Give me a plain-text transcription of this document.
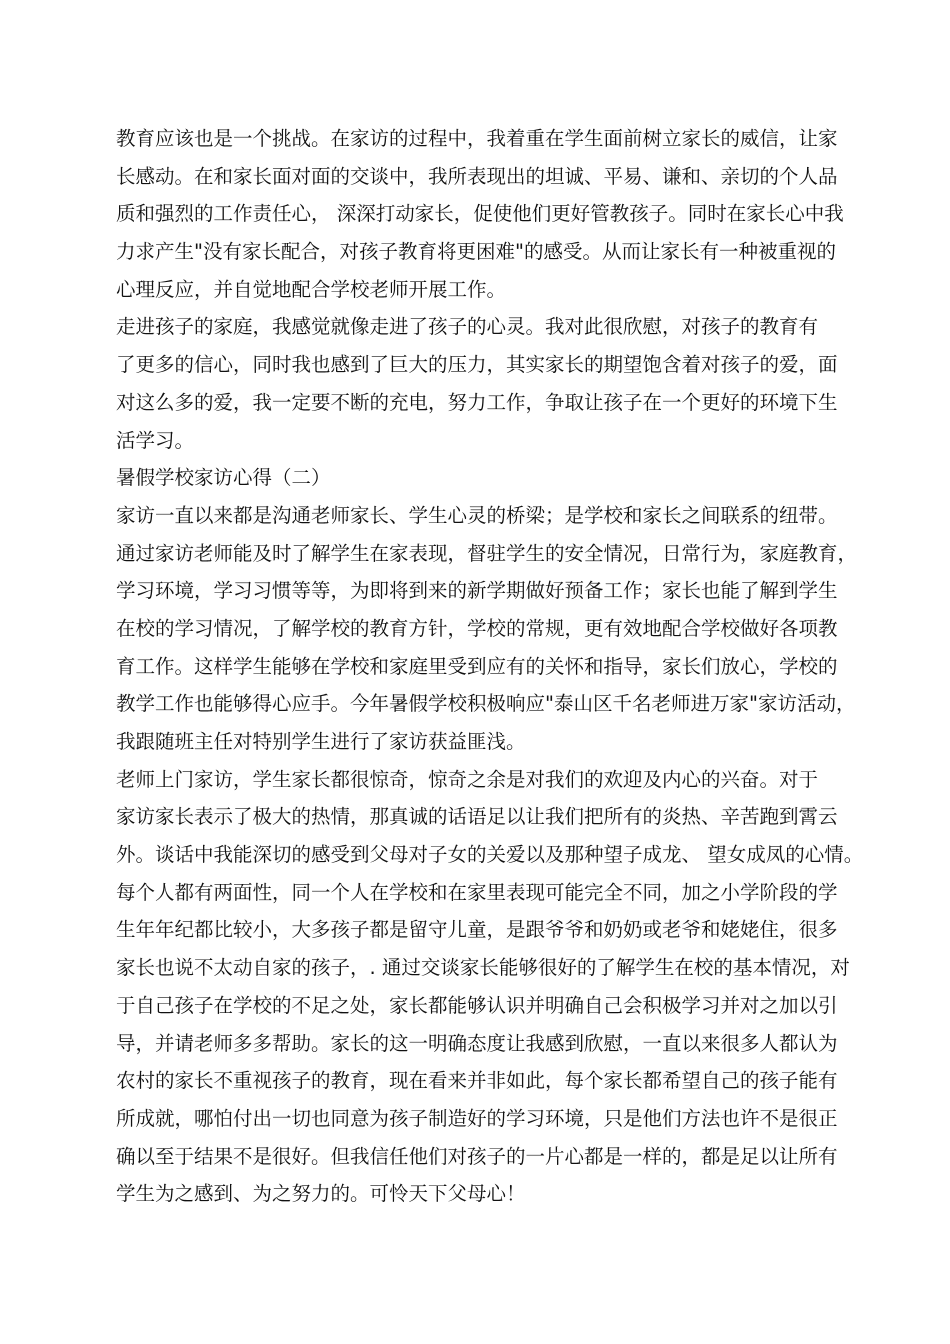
教育应该也是一个挑战。在家访的过程中，我着重在学生面前树立家长的威信，让家
长感动。在和家长面对面的交谈中，我所表现出的坦诚、平易、谦和、亲切的个人品
质和强烈的工作责任心， 深深打动家长，促使他们更好管教孩子。同时在家长心中我
力求产生"没有家长配合，对孩子教育将更困难"的感受。从而让家长有一种被重视的
心理反应，并自觉地配合学校老师开展工作。
走进孩子的家庭，我感觉就像走进了孩子的心灵。我对此很欣慰，对孩子的教育有
了更多的信心，同时我也感到了巨大的压力，其实家长的期望饱含着对孩子的爱，面
对这么多的爱，我一定要不断的充电，努力工作，争取让孩子在一个更好的环境下生
活学习。
暑假学校家访心得（二）
家访一直以来都是沟通老师家长、学生心灵的桥梁；是学校和家长之间联系的纽带。
通过家访老师能及时了解学生在家表现，督驻学生的安全情况，日常行为，家庭教育，
学习环境，学习习惯等等，为即将到来的新学期做好预备工作；家长也能了解到学生
在校的学习情况，了解学校的教育方针，学校的常规，更有效地配合学校做好各项教
育工作。这样学生能够在学校和家庭里受到应有的关怀和指导，家长们放心，学校的
教学工作也能够得心应手。今年暑假学校积极响应"泰山区千名老师进万家"家访活动，
我跟随班主任对特别学生进行了家访获益匪浅。
老师上门家访，学生家长都很惊奇，惊奇之余是对我们的欢迎及内心的兴奋。对于
家访家长表示了极大的热情，那真诚的话语足以让我们把所有的炎热、辛苦跑到霄云
外。谈话中我能深切的感受到父母对子女的关爱以及那种望子成龙、 望女成凤的心情。
每个人都有两面性，同一个人在学校和在家里表现可能完全不同，加之小学阶段的学
生年年纪都比较小，大多孩子都是留守儿童，是跟爷爷和奶奶或老爷和姥姥住，很多
家长也说不太动自家的孩子，. 通过交谈家长能够很好的了解学生在校的基本情况，对
于自己孩子在学校的不足之处，家长都能够认识并明确自己会积极学习并对之加以引
导，并请老师多多帮助。家长的这一明确态度让我感到欣慰，一直以来很多人都认为
农村的家长不重视孩子的教育，现在看来并非如此，每个家长都希望自己的孩子能有
所成就，哪怕付出一切也同意为孩子制造好的学习环境，只是他们方法也许不是很正
确以至于结果不是很好。但我信任他们对孩子的一片心都是一样的，都是足以让所有
学生为之感到、为之努力的。可怜天下父母心！
